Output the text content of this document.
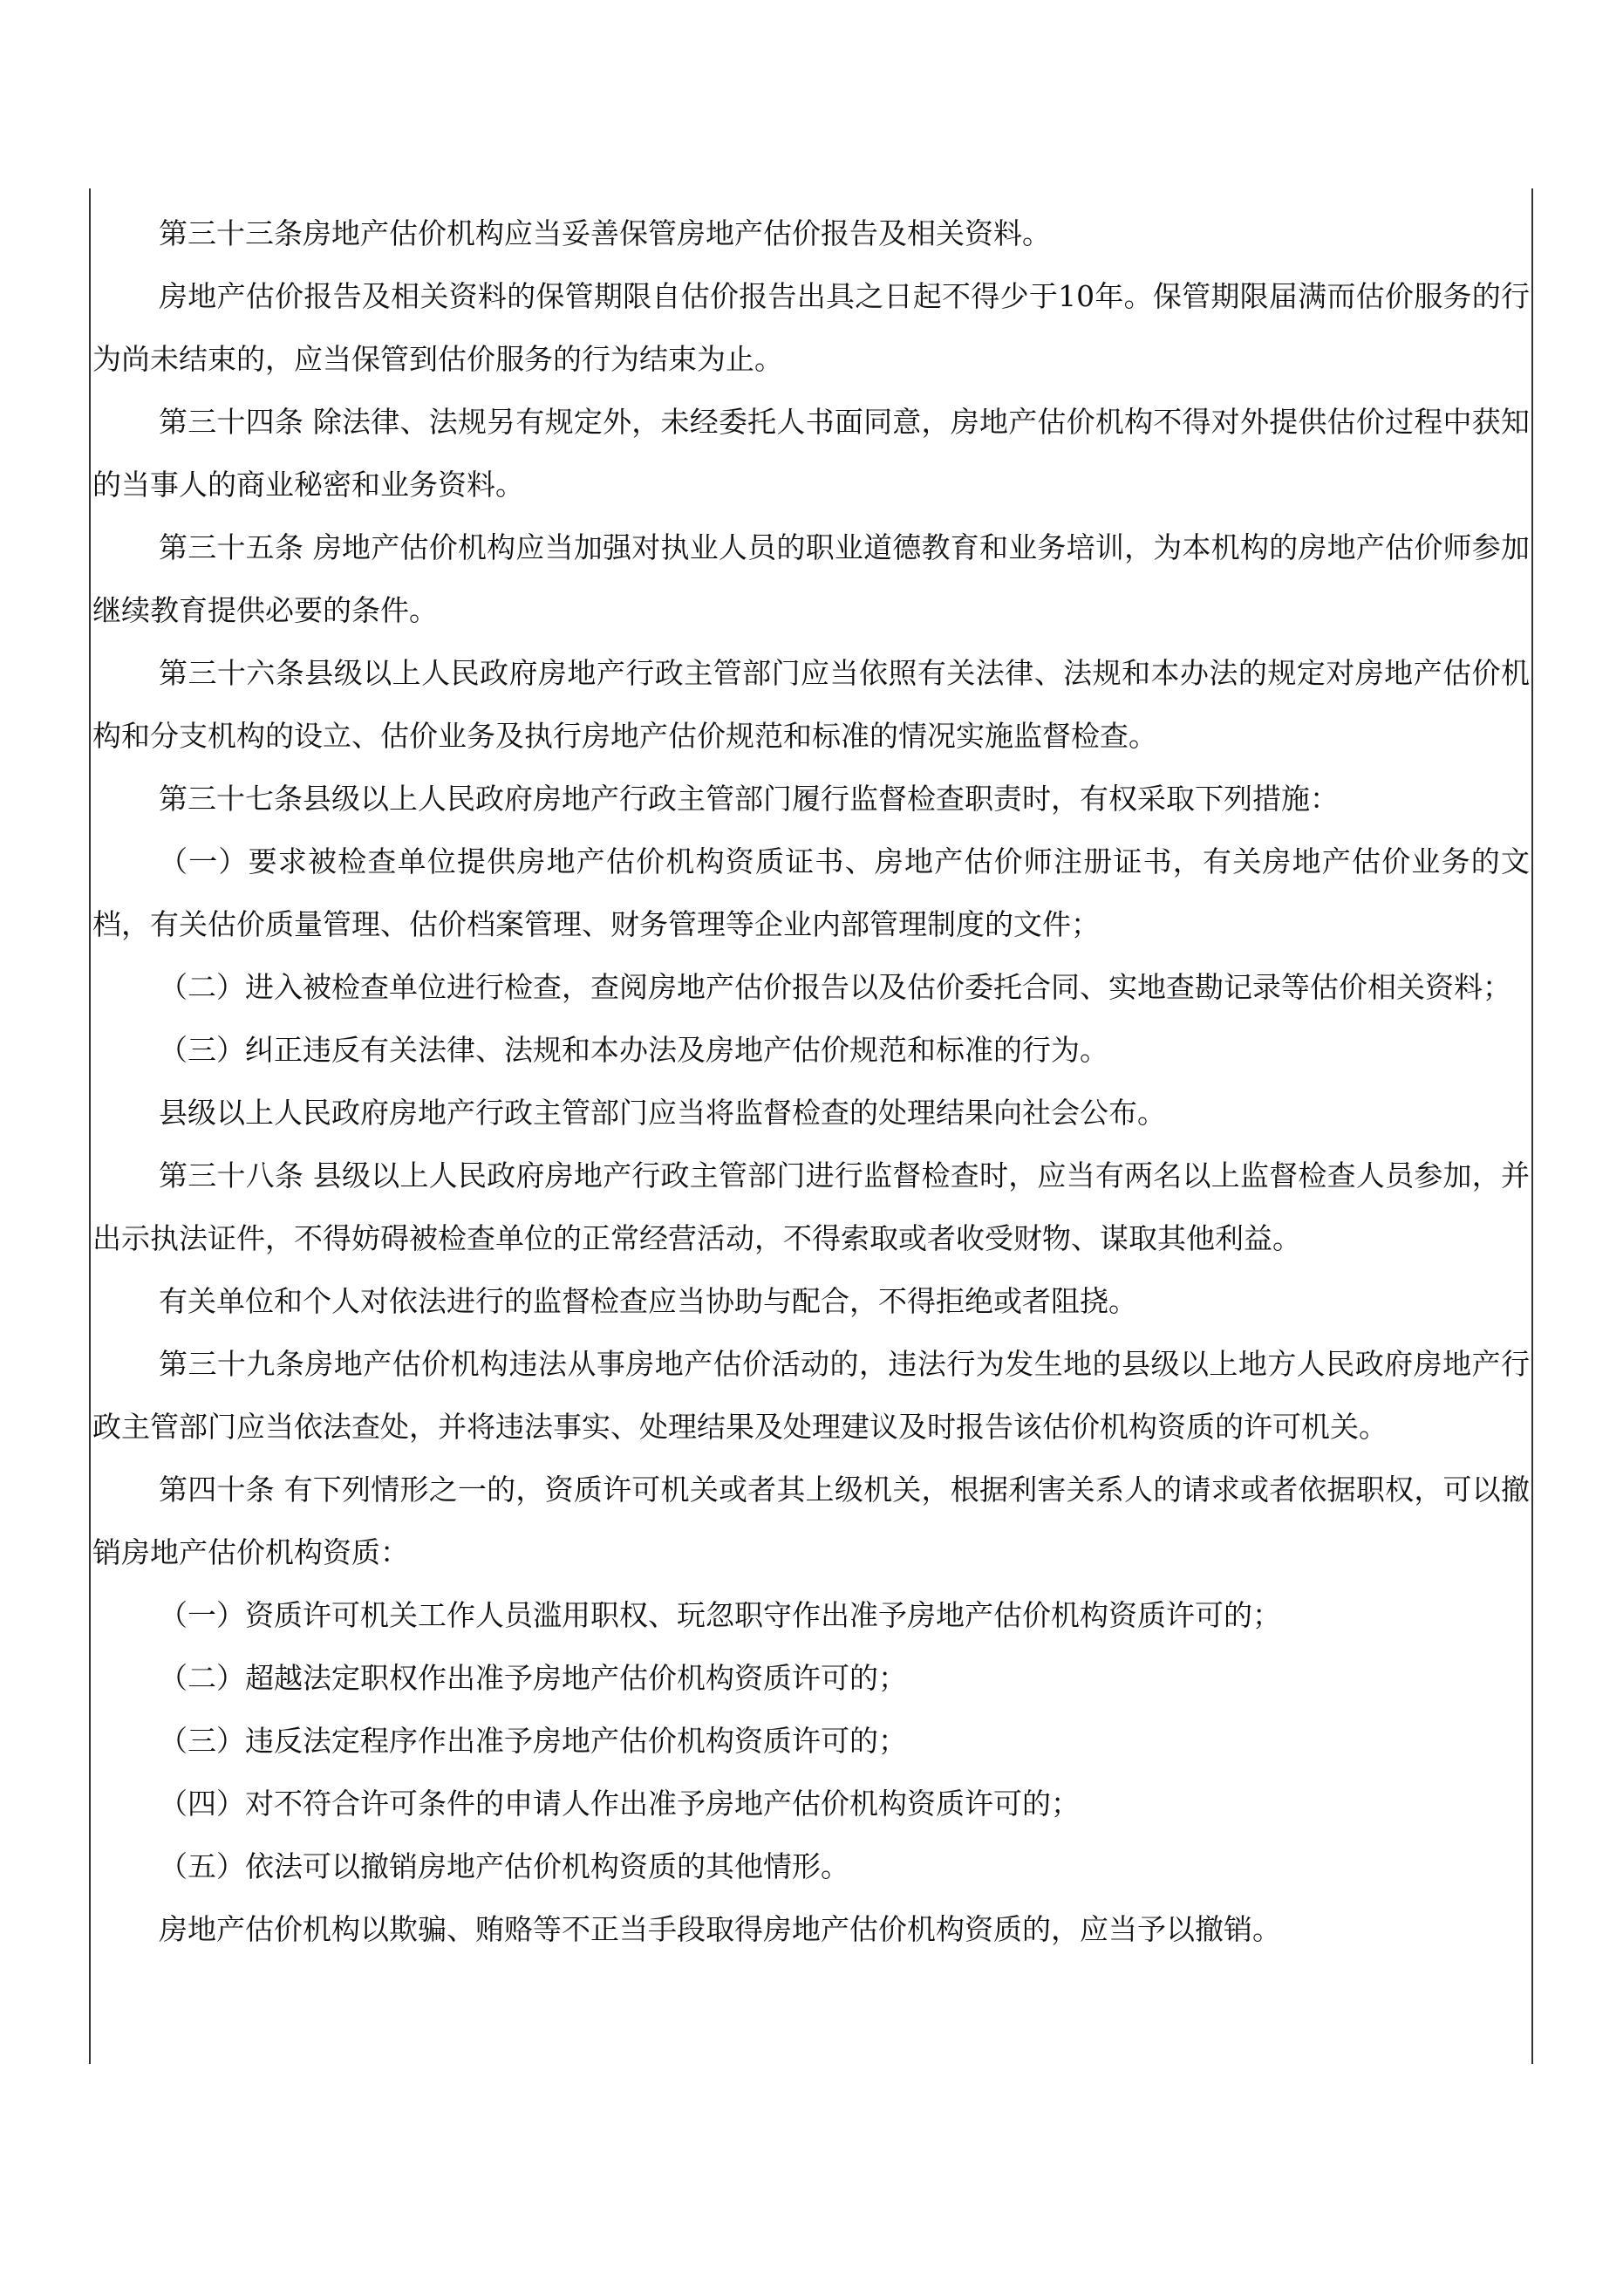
第三十三条房地产估价机构应当妥善保管房地产估价报告及相关资料。

房地产估价报告及相关资料的保管期限自估价报告出具之日起不得少于10年。保管期限届满而估价服务的行为尚未结束的，应当保管到估价服务的行为结束为止。

第三十四条 除法律、法规另有规定外，未经委托人书面同意，房地产估价机构不得对外提供估价过程中获知的当事人的商业秘密和业务资料。

第三十五条 房地产估价机构应当加强对执业人员的职业道德教育和业务培训，为本机构的房地产估价师参加继续教育提供必要的条件。

第三十六条县级以上人民政府房地产行政主管部门应当依照有关法律、法规和本办法的规定对房地产估价机构和分支机构的设立、估价业务及执行房地产估价规范和标准的情况实施监督检查。

第三十七条县级以上人民政府房地产行政主管部门履行监督检查职责时，有权采取下列措施：

（一）要求被检查单位提供房地产估价机构资质证书、房地产估价师注册证书，有关房地产估价业务的文档，有关估价质量管理、估价档案管理、财务管理等企业内部管理制度的文件；

（二）进入被检查单位进行检查，查阅房地产估价报告以及估价委托合同、实地查勘记录等估价相关资料；

（三）纠正违反有关法律、法规和本办法及房地产估价规范和标准的行为。

县级以上人民政府房地产行政主管部门应当将监督检查的处理结果向社会公布。

第三十八条 县级以上人民政府房地产行政主管部门进行监督检查时，应当有两名以上监督检查人员参加，并出示执法证件，不得妨碍被检查单位的正常经营活动，不得索取或者收受财物、谋取其他利益。

有关单位和个人对依法进行的监督检查应当协助与配合，不得拒绝或者阻挠。

第三十九条房地产估价机构违法从事房地产估价活动的，违法行为发生地的县级以上地方人民政府房地产行政主管部门应当依法查处，并将违法事实、处理结果及处理建议及时报告该估价机构资质的许可机关。

第四十条 有下列情形之一的，资质许可机关或者其上级机关，根据利害关系人的请求或者依据职权，可以撤销房地产估价机构资质：

（一）资质许可机关工作人员滥用职权、玩忽职守作出准予房地产估价机构资质许可的；

（二）超越法定职权作出准予房地产估价机构资质许可的；

（三）违反法定程序作出准予房地产估价机构资质许可的；

（四）对不符合许可条件的申请人作出准予房地产估价机构资质许可的；

（五）依法可以撤销房地产估价机构资质的其他情形。

房地产估价机构以欺骗、贿赂等不正当手段取得房地产估价机构资质的，应当予以撤销。
